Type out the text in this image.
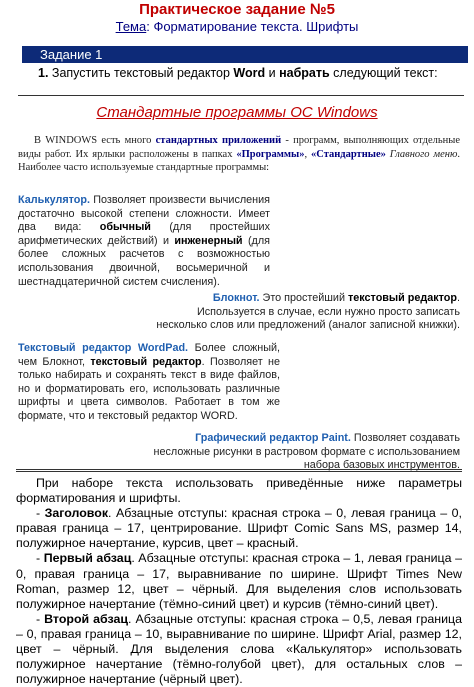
Практическое задание №5
Тема: Форматирование текста. Шрифты
Задание 1
1. Запустить текстовый редактор Word и набрать следующий текст:
Стандартные программы ОС Windows
В WINDOWS есть много стандартных приложений - программ, выполняющих отдельные виды работ. Их ярлыки расположены в папках «Программы», «Стандартные» Главного меню. Наиболее часто используемые стандартные программы:
Калькулятор. Позволяет произвести вычисления достаточно высокой степени сложности. Имеет два вида: обычный (для простейших арифметических действий) и инженерный (для более сложных расчетов с возможностью использования двоичной, восьмеричной и шестнадцатеричной систем счисления).
Блокнот. Это простейший текстовый редактор. Используется в случае, если нужно просто записать несколько слов или предложений (аналог записной книжки).
Текстовый редактор WordPad. Более сложный, чем Блокнот, текстовый редактор. Позволяет не только набирать и сохранять текст в виде файлов, но и форматировать его, использовать различные шрифты и цвета символов. Работает в том же формате, что и текстовый редактор WORD.
Графический редактор Paint. Позволяет создавать несложные рисунки в растровом формате с использованием набора базовых инструментов.

При наборе текста использовать приведённые ниже параметры форматирования и шрифты.

- Заголовок. Абзацные отступы: красная строка – 0, левая граница – 0, правая граница – 17, центрирование. Шрифт Comic Sans MS, размер 14, полужирное начертание, курсив, цвет – красный.

- Первый абзац. Абзацные отступы: красная строка – 1, левая граница – 0, правая граница – 17, выравнивание по ширине. Шрифт Times New Roman, размер 12, цвет – чёрный. Для выделения слов использовать полужирное начертание (тёмно-синий цвет) и курсив (тёмно-синий цвет).

- Второй абзац. Абзацные отступы: красная строка – 0,5, левая граница – 0, правая граница – 10, выравнивание по ширине. Шрифт Arial, размер 12, цвет – чёрный. Для выделения слова «Калькулятор» использовать полужирное начертание (тёмно-голубой цвет), для остальных слов – полужирное начертание (чёрный цвет).
